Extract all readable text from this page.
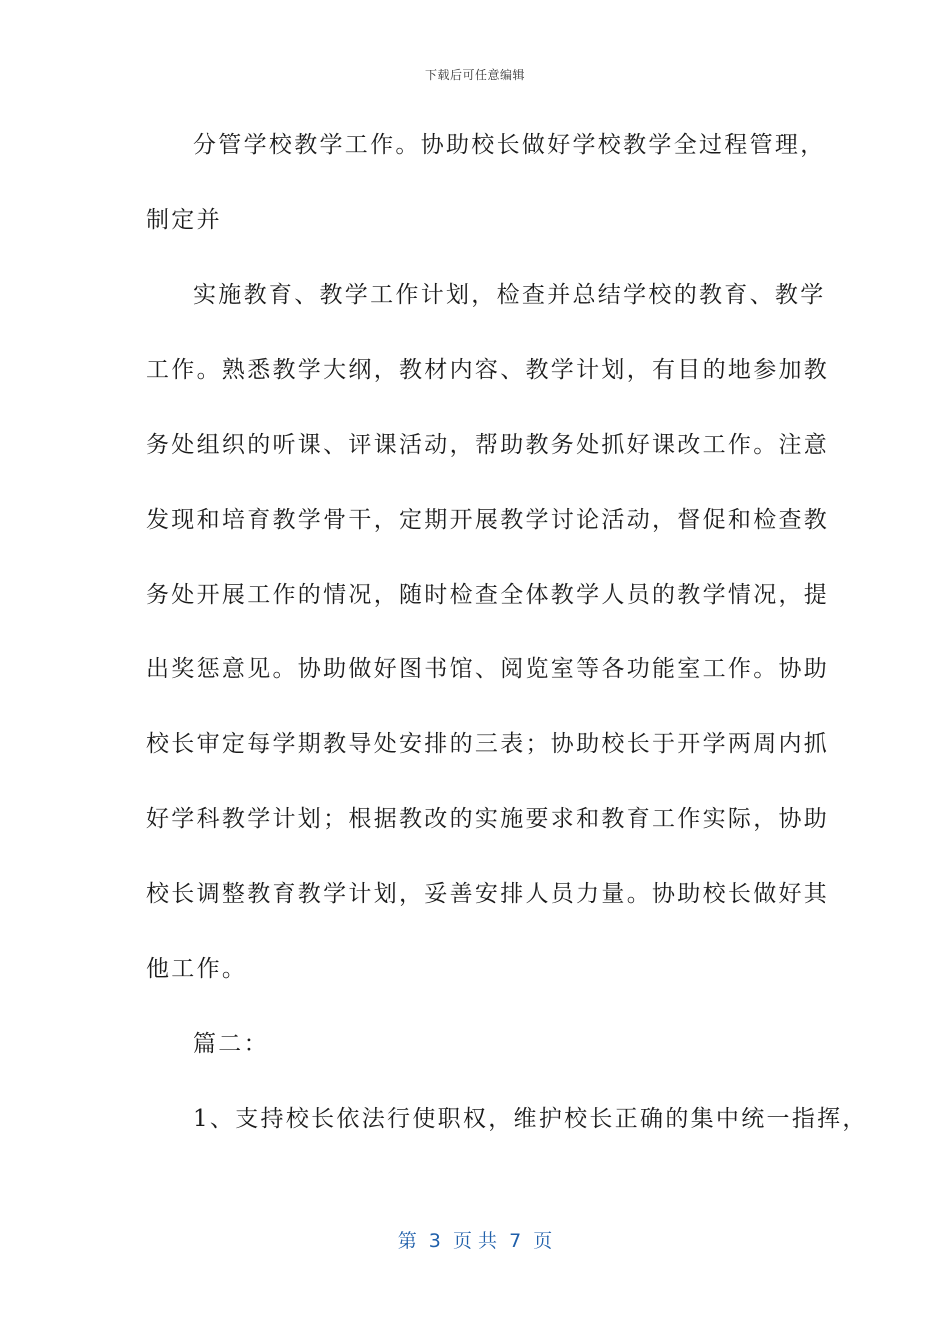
下载后可任意编辑
分管学校教学工作。协助校长做好学校教学全过程管理，
制定并
实施教育、教学工作计划，检查并总结学校的教育、教学
工作。熟悉教学大纲，教材内容、教学计划，有目的地参加教
务处组织的听课、评课活动，帮助教务处抓好课改工作。注意
发现和培育教学骨干，定期开展教学讨论活动，督促和检查教
务处开展工作的情况，随时检查全体教学人员的教学情况，提
出奖惩意见。协助做好图书馆、阅览室等各功能室工作。协助
校长审定每学期教导处安排的三表；协助校长于开学两周内抓
好学科教学计划；根据教改的实施要求和教育工作实际，协助
校长调整教育教学计划，妥善安排人员力量。协助校长做好其
他工作。
篇二：
1、支持校长依法行使职权，维护校长正确的集中统一指挥，
第  3  页 共  7  页
